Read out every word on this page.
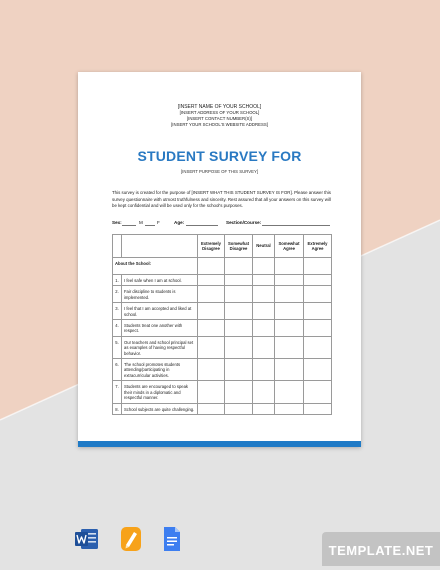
[INSERT NAME OF YOUR SCHOOL]
[INSERT ADDRESS OF YOUR SCHOOL]
[INSERT CONTACT NUMBER(S)]
[INSERT YOUR SCHOOL'S WEBSITE ADDRESS]
STUDENT SURVEY FOR
[INSERT PURPOSE OF THIS SURVEY]
This survey is created for the purpose of [INSERT WHAT THIS STUDENT SURVEY IS FOR]. Please answer this survey questionnaire with utmost truthfulness and sincerity. Rest assured that all your answers on this survey will be kept confidential and will be used only for the school's purposes.
Sex:	M	F	Age:	Section/Course:
		Extremely Disagree	Somewhat Disagree	Neutral	Somewhat Agree	Extremely Agree
About the School:						
1.	I feel safe when I am at school.					
2.	Fair discipline to students is implemented.					
3.	I feel that I am accepted and liked at school.					
4.	Students treat one another with respect.					
5.	Our teachers and school principal set as examples of having respectful behavior.					
6.	The school promotes students attending/participating in extracurricular activities.					
7.	Students are encouraged to speak their minds in a diplomatic and respectful manner.					
8.	School subjects are quite challenging.					
TEMPLATE.NET
